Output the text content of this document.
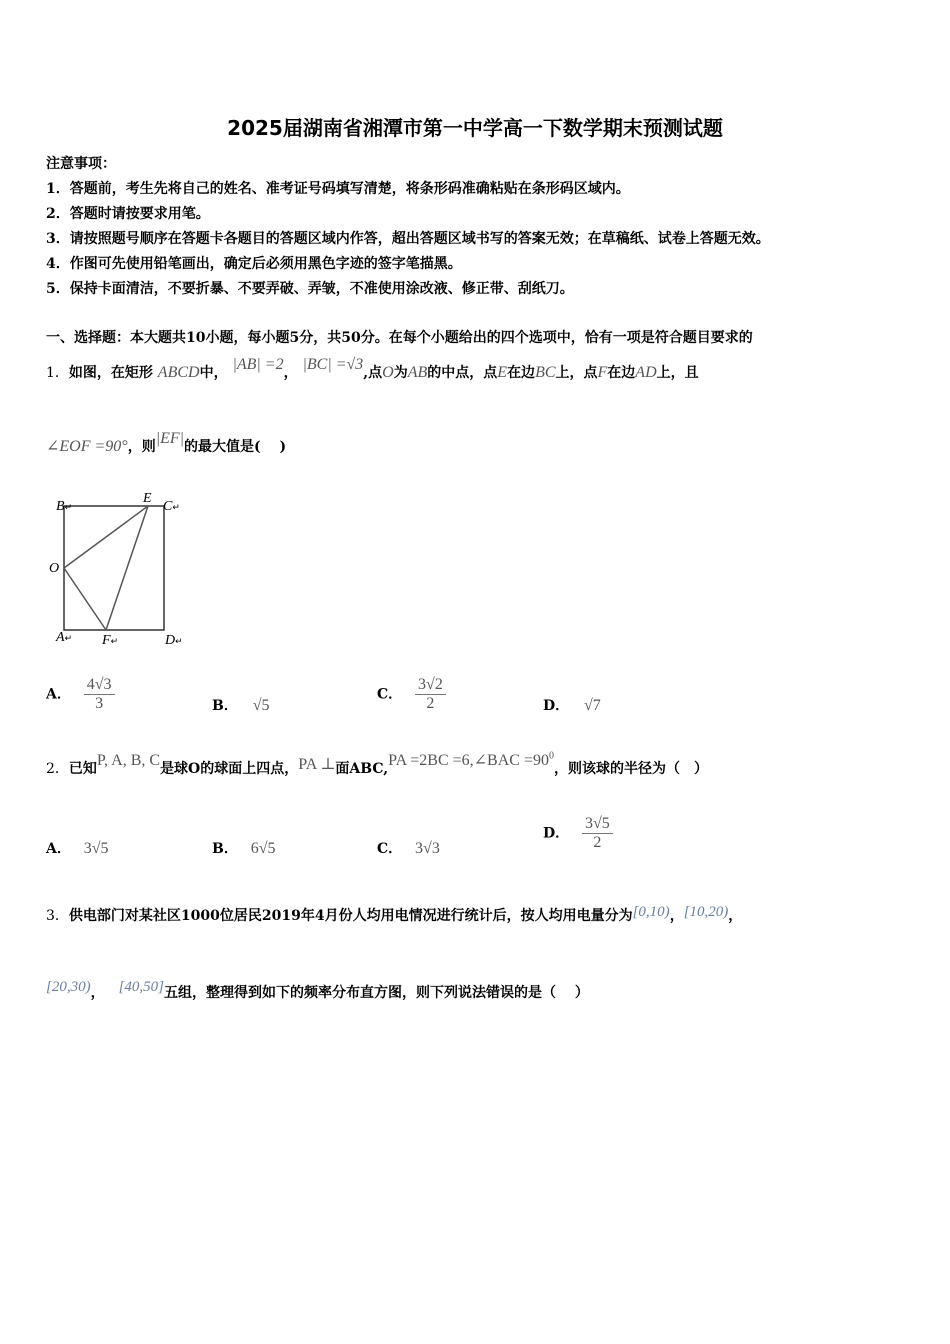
2025届湖南省湘潭市第一中学高一下数学期末预测试题
注意事项：
1．答题前，考生先将自己的姓名、准考证号码填写清楚，将条形码准确粘贴在条形码区域内。
2．答题时请按要求用笔。
3．请按照题号顺序在答题卡各题目的答题区域内作答，超出答题区域书写的答案无效；在草稿纸、试卷上答题无效。
4．作图可先使用铅笔画出，确定后必须用黑色字迹的签字笔描黑。
5．保持卡面清洁，不要折暴、不要弄破、弄皱，不准使用涂改液、修正带、刮纸刀。
一、选择题：本大题共10小题，每小题5分，共50分。在每个小题给出的四个选项中，恰有一项是符合题目要求的
1．如图，在矩形 ABCD中， |AB| =2， |BC| =√3,点O为AB的中点，点E在边BC上，点F在边AD上，且
∠EOF =90°，则|EF|的最大值是(　 )
B↵
E
C↵
O
A↵ F↵	D↵
A． $\frac{4√3}{3}$	B． √5
C． $\frac{3√2}{2}$	D． √7
2．已知P, A, B, C是球O的球面上四点，PA ⊥面ABC,PA =2BC =6,∠BAC $=90^0$，则该球的半径为（　）
A． 3√5	B． 6√5	C． 3√3
D． $\frac{3√5}{2}$
3．供电部门对某社区1000位居民2019年4月份人均用电情况进行统计后，按人均用电量分为[0,10)，[10,20)，
[20,30)， [40,50]五组，整理得到如下的频率分布直方图，则下列说法错误的是（　 ）
